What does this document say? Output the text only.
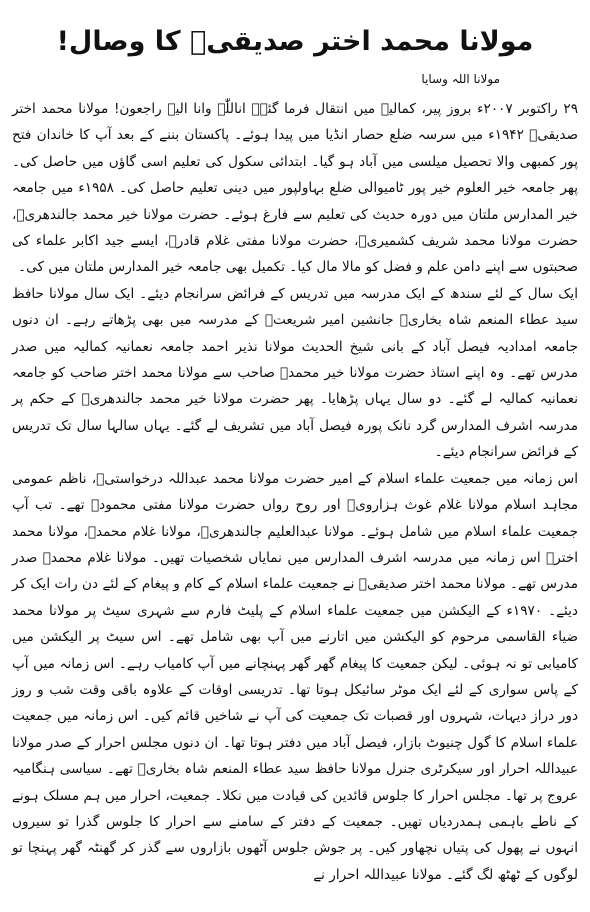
مولانا محمد اختر صدیقیؒ کا وصال!
مولانا اللہ وسایا

۲۹ راکتوبر ۲۰۰۷ء بروز پیر، کمالیہ میں انتقال فرما گئے۔ اناللّٰہ وانا الیہ راجعون! مولانا محمد اختر صدیقیؒ ۱۹۴۲ء میں سرسہ ضلع حصار انڈیا میں پیدا ہوئے۔ پاکستان بننے کے بعد آپ کا خاندان فتح پور کمبھی والا تحصیل میلسی میں آباد ہو گیا۔ ابتدائی سکول کی تعلیم اسی گاؤں میں حاصل کی۔ پھر جامعہ خیر العلوم خیر پور ٹامیوالی ضلع بہاولپور میں دینی تعلیم حاصل کی۔ ۱۹۵۸ء میں جامعہ خیر المدارس ملتان میں دورہ حدیث کی تعلیم سے فارغ ہوئے۔ حضرت مولانا خیر محمد جالندھریؒ، حضرت مولانا محمد شریف کشمیریؒ، حضرت مولانا مفتی غلام قادرؒ، ایسے جید اکابر علماء کی صحبتوں سے اپنے دامن علم و فضل کو مالا مال کیا۔ تکمیل بھی جامعہ خیر المدارس ملتان میں کی۔

ایک سال کے لئے سندھ کے ایک مدرسہ میں تدریس کے فرائض سرانجام دیئے۔ ایک سال مولانا حافظ سید عطاء المنعم شاہ بخاریؒ جانشین امیر شریعتؒ کے مدرسہ میں بھی پڑھاتے رہے۔ ان دنوں جامعہ امدادیہ فیصل آباد کے بانی شیخ الحدیث مولانا نذیر احمد جامعہ نعمانیہ کمالیہ میں صدر مدرس تھے۔ وہ اپنے استاذ حضرت مولانا خیر محمدؒ صاحب سے مولانا محمد اختر صاحب کو جامعہ نعمانیہ کمالیہ لے گئے۔ دو سال یہاں پڑھایا۔ پھر حضرت مولانا خیر محمد جالندھریؒ کے حکم پر مدرسہ اشرف المدارس گرد نانک پورہ فیصل آباد میں تشریف لے گئے۔ یہاں سالہا سال تک تدریس کے فرائض سرانجام دیئے۔

اس زمانہ میں جمعیت علماء اسلام کے امیر حضرت مولانا محمد عبداللہ درخواستیؒ، ناظم عمومی مجاہد اسلام مولانا غلام غوث ہزارویؒ اور روح رواں حضرت مولانا مفتی محمودؒ تھے۔ تب آپ جمعیت علماء اسلام میں شامل ہوئے۔ مولانا عبدالعلیم جالندھریؒ، مولانا غلام محمدؒ، مولانا محمد اخترؒ اس زمانہ میں مدرسہ اشرف المدارس میں نمایاں شخصیات تھیں۔ مولانا غلام محمدؒ صدر مدرس تھے۔ مولانا محمد اختر صدیقیؒ نے جمعیت علماء اسلام کے کام و پیغام کے لئے دن رات ایک کر دیئے۔ ۱۹۷۰ء کے الیکشن میں جمعیت علماء اسلام کے پلیٹ فارم سے شہری سیٹ پر مولانا محمد ضیاء القاسمی مرحوم کو الیکشن میں اتارنے میں آپ بھی شامل تھے۔ اس سیٹ پر الیکشن میں کامیابی تو نہ ہوئی۔ لیکن جمعیت کا پیغام گھر گھر پہنچانے میں آپ کامیاب رہے۔ اس زمانہ میں آپ کے پاس سواری کے لئے ایک موٹر سائیکل ہوتا تھا۔ تدریسی اوقات کے علاوہ باقی وقت شب و روز دور دراز دیہات، شہروں اور قصبات تک جمعیت کی آپ نے شاخیں قائم کیں۔ اس زمانہ میں جمعیت علماء اسلام کا گول چنیوٹ بازار، فیصل آباد میں دفتر ہوتا تھا۔ ان دنوں مجلس احرار کے صدر مولانا عبیداللہ احرار اور سیکرٹری جنرل مولانا حافظ سید عطاء المنعم شاہ بخاریؒ تھے۔ سیاسی ہنگامیہ عروج پر تھا۔ مجلس احرار کا جلوس قائدین کی قیادت میں نکلا۔ جمعیت، احرار میں ہم مسلک ہونے کے ناطے باہمی ہمدردیاں تھیں۔ جمعیت کے دفتر کے سامنے سے احرار کا جلوس گذرا تو سیروں انہوں نے پھول کی پتیاں نچھاور کیں۔ پر جوش جلوس آٹھوں بازاروں سے گذر کر گھنٹہ گھر پہنچا تو لوگوں کے ٹھٹھ لگ گئے۔ مولانا عبیداللہ احرار نے
